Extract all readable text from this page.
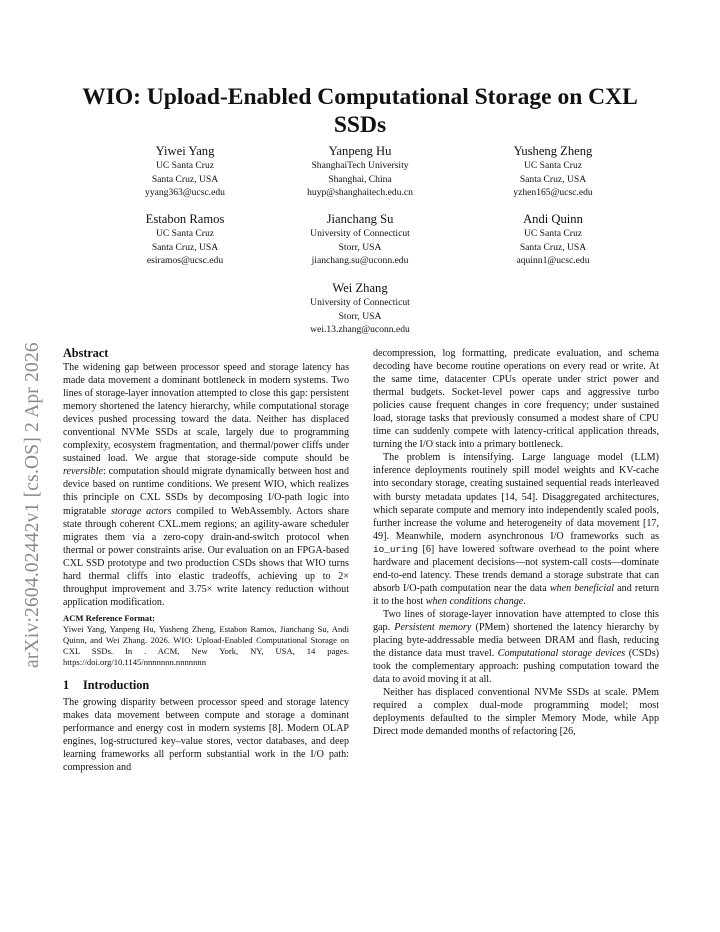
arXiv:2604.02442v1 [cs.OS] 2 Apr 2026
WIO: Upload-Enabled Computational Storage on CXL SSDs
Yiwei Yang
UC Santa Cruz
Santa Cruz, USA
yyang363@ucsc.edu
Yanpeng Hu
ShanghaiTech University
Shanghai, China
huyp@shanghaitech.edu.cn
Yusheng Zheng
UC Santa Cruz
Santa Cruz, USA
yzhen165@ucsc.edu
Estabon Ramos
UC Santa Cruz
Santa Cruz, USA
esiramos@ucsc.edu
Jianchang Su
University of Connecticut
Storr, USA
jianchang.su@uconn.edu
Andi Quinn
UC Santa Cruz
Santa Cruz, USA
aquinn1@ucsc.edu
Wei Zhang
University of Connecticut
Storr, USA
wei.13.zhang@uconn.edu

Abstract

The widening gap between processor speed and storage latency has made data movement a dominant bottleneck in modern systems. Two lines of storage-layer innovation attempted to close this gap: persistent memory shortened the latency hierarchy, while computational storage devices pushed processing toward the data. Neither has displaced conventional NVMe SSDs at scale, largely due to programming complexity, ecosystem fragmentation, and thermal/power cliffs under sustained load. We argue that storage-side compute should be reversible: computation should migrate dynamically between host and device based on runtime conditions. We present WIO, which realizes this principle on CXL SSDs by decomposing I/O-path logic into migratable storage actors compiled to WebAssembly. Actors share state through coherent CXL.mem regions; an agility-aware scheduler migrates them via a zero-copy drain-and-switch protocol when thermal or power constraints arise. Our evaluation on an FPGA-based CXL SSD prototype and two production CSDs shows that WIO turns hard thermal cliffs into elastic tradeoffs, achieving up to 2× throughput improvement and 3.75× write latency reduction without application modification.

ACM Reference Format:

Yiwei Yang, Yanpeng Hu, Yusheng Zheng, Estabon Ramos, Jianchang Su, Andi Quinn, and Wei Zhang. 2026. WIO: Upload-Enabled Computational Storage on CXL SSDs. In . ACM, New York, NY, USA, 14 pages. https://doi.org/10.1145/nnnnnnn.nnnnnnn

1 Introduction

The growing disparity between processor speed and storage latency makes data movement between compute and storage a dominant performance and energy cost in modern systems [8]. Modern OLAP engines, log-structured key–value stores, vector databases, and deep learning frameworks all perform substantial work in the I/O path: compression and

decompression, log formatting, predicate evaluation, and schema decoding have become routine operations on every read or write. At the same time, datacenter CPUs operate under strict power and thermal budgets. Socket-level power caps and aggressive turbo policies cause frequent changes in core frequency; under sustained load, storage tasks that previously consumed a modest share of CPU time can suddenly compete with latency-critical application threads, turning the I/O stack into a primary bottleneck.

The problem is intensifying. Large language model (LLM) inference deployments routinely spill model weights and KV-cache into secondary storage, creating sustained sequential reads interleaved with bursty metadata updates [14, 54]. Disaggregated architectures, which separate compute and memory into independently scaled pools, further increase the volume and heterogeneity of data movement [17, 49]. Meanwhile, modern asynchronous I/O frameworks such as io_uring [6] have lowered software overhead to the point where hardware and placement decisions—not system-call costs—dominate end-to-end latency. These trends demand a storage substrate that can absorb I/O-path computation near the data when beneficial and return it to the host when conditions change.

Two lines of storage-layer innovation have attempted to close this gap. Persistent memory (PMem) shortened the latency hierarchy by placing byte-addressable media between DRAM and flash, reducing the distance data must travel. Computational storage devices (CSDs) took the complementary approach: pushing computation toward the data to avoid moving it at all.

Neither has displaced conventional NVMe SSDs at scale. PMem required a complex dual-mode programming model; most deployments defaulted to the simpler Memory Mode, while App Direct mode demanded months of refactoring [26,
